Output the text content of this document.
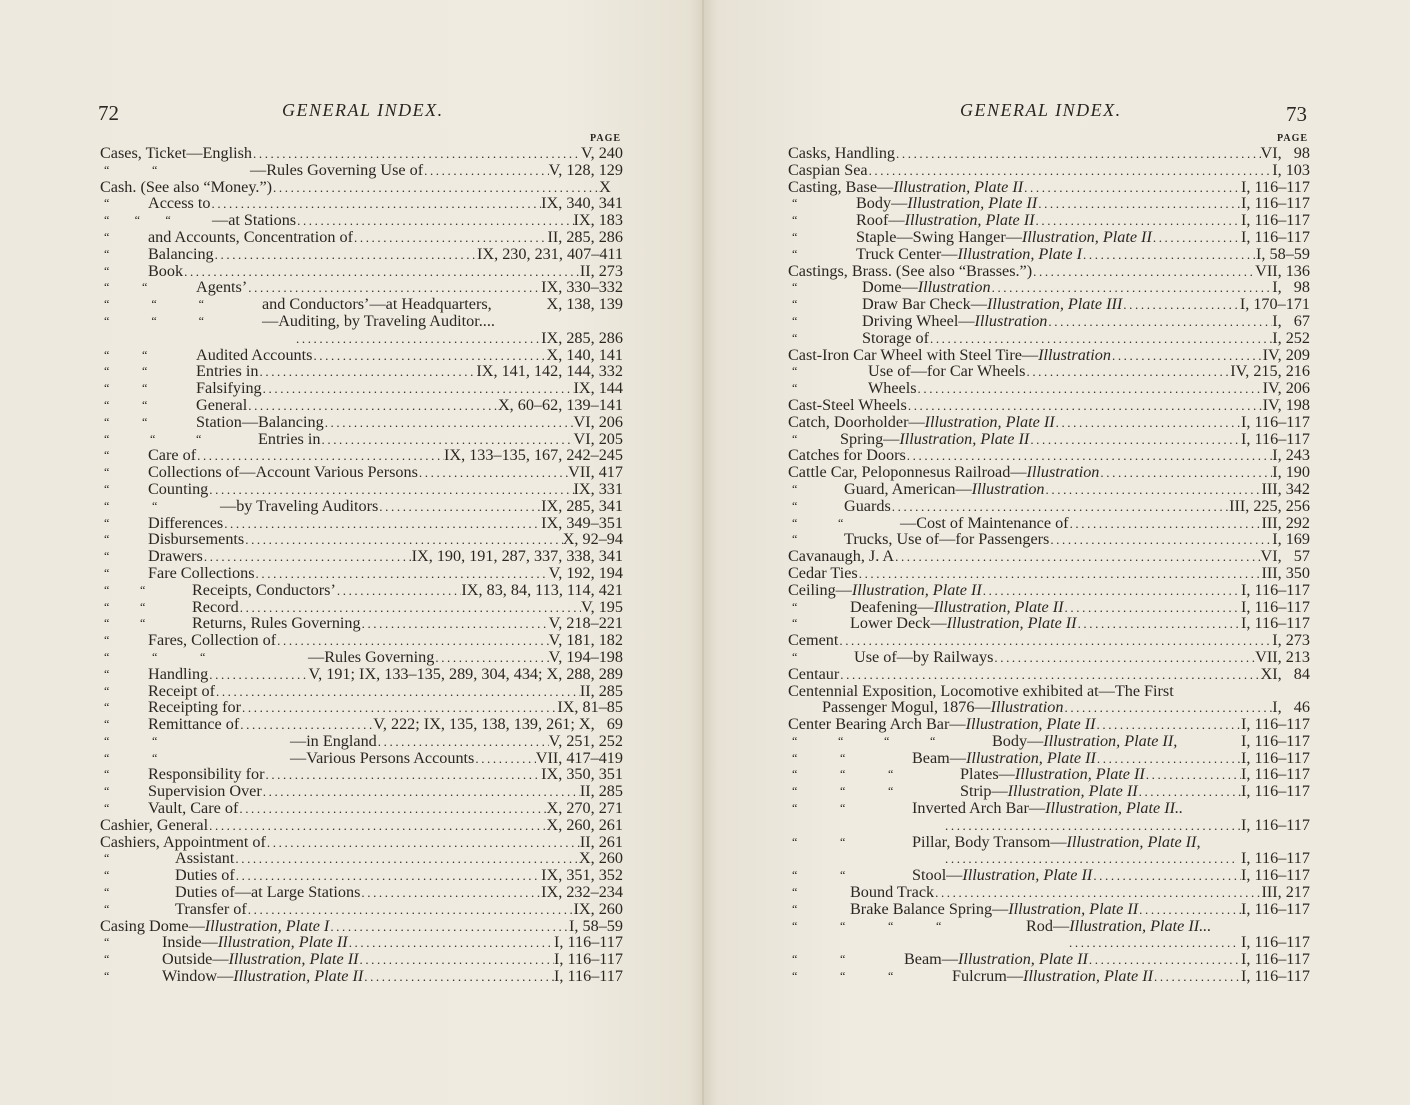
72	GENERAL INDEX.
PAGE
Cases, Ticket—English .....	V, 240
“	“	—Rules Governing Use of .....	V, 128, 129
Cash. (See also “Money.”) .....	X
“	Access to .....	IX, 340, 341
“ “ “	—at Stations .....	IX, 183
“	and Accounts, Concentration of .....	II, 285, 286
“	Balancing .....	IX, 230, 231, 407–411
“	Book .....	II, 273
“	“	Agents’ .....	IX, 330–332
“	“	“	and Conductors’—at Headquarters,	X, 138, 139
“	“	“	—Auditing, by Traveling Auditor....
.....
IX, 285, 286
“	“	Audited Accounts .....	X, 140, 141
“	“	Entries in .....	IX, 141, 142, 144, 332
“	“	Falsifying .....	IX, 144
“	“	General .....	X, 60–62, 139–141
“	“	Station—Balancing .....	VI, 206
“	“	“	Entries in .....	VI, 205
“	Care of .....	IX, 133–135, 167, 242–245
“	Collections of—Account Various Persons .....	VII, 417
“	Counting .....	IX, 331
“	“	—by Traveling Auditors .....	IX, 285, 341
“	Differences .....	IX, 349–351
“	Disbursements .....	X, 92–94
“	Drawers .....	IX, 190, 191, 287, 337, 338, 341
“	Fare Collections .....	V, 192, 194
“	“	Receipts, Conductors’ .....	IX, 83, 84, 113, 114, 421
“	“	Record .....	V, 195
“	“	Returns, Rules Governing .....	V, 218–221
“	Fares, Collection of .....	V, 181, 182
“	“	“	—Rules Governing .....	V, 194–198
“	Handling .....	V, 191; IX, 133–135, 289, 304, 434; X, 288, 289
“	Receipt of .....	II, 285
“	Receipting for .....	IX, 81–85
“	Remittance of .....	V, 222; IX, 135, 138, 139, 261; X,   69
“	“	—in England .....	V, 251, 252
“	“	—Various Persons Accounts .....	VII, 417–419
“	Responsibility for .....	IX, 350, 351
“	Supervision Over .....	II, 285
“	Vault, Care of .....	X, 270, 271
Cashier, General .....	X, 260, 261
Cashiers, Appointment of .....	II, 261
“	Assistant .....	X, 260
“	Duties of .....	IX, 351, 352
“	Duties of—at Large Stations .....	IX, 232–234
“	Transfer of .....	IX, 260
Casing Dome—Illustration, Plate I .....	I, 58–59
“	Inside—Illustration, Plate II .....	I, 116–117
“	Outside—Illustration, Plate II .....	I, 116–117
“	Window—Illustration, Plate II .....	I, 116–117
GENERAL INDEX.	73
PAGE
Casks, Handling .....	VI,   98
Caspian Sea .....	I, 103
Casting, Base—Illustration, Plate II .....	I, 116–117
“	Body—Illustration, Plate II .....	I, 116–117
“	Roof—Illustration, Plate II .....	I, 116–117
“	Staple—Swing Hanger—Illustration, Plate II .....	I, 116–117
“	Truck Center—Illustration, Plate I .....	I, 58–59
Castings, Brass. (See also “Brasses.”) .....	VII, 136
“	Dome—Illustration .....	I,   98
“	Draw Bar Check—Illustration, Plate III .....	I, 170–171
“	Driving Wheel—Illustration .....	I,   67
“	Storage of .....	I, 252
Cast-Iron Car Wheel with Steel Tire—Illustration .....	IV, 209
“	Use of—for Car Wheels .....	IV, 215, 216
“	Wheels .....	IV, 206
Cast-Steel Wheels .....	IV, 198
Catch, Doorholder—Illustration, Plate II .....	I, 116–117
“	Spring—Illustration, Plate II .....	I, 116–117
Catches for Doors .....	I, 243
Cattle Car, Peloponnesus Railroad—Illustration .....	I, 190
“	Guard, American—Illustration .....	III, 342
“	Guards .....	III, 225, 256
“	“	—Cost of Maintenance of .....	III, 292
“	Trucks, Use of—for Passengers .....	I, 169
Cavanaugh, J. A .....	VI,   57
Cedar Ties .....	III, 350
Ceiling—Illustration, Plate II .....	I, 116–117
“	Deafening—Illustration, Plate II .....	I, 116–117
“	Lower Deck—Illustration, Plate II .....	I, 116–117
Cement .....	I, 273
“	Use of—by Railways .....	VII, 213
Centaur .....	XI,   84
Centennial Exposition, Locomotive exhibited at—The First
Passenger Mogul, 1876—Illustration .....	I,   46
Center Bearing Arch Bar—Illustration, Plate II .....	I, 116–117
“	“	“	“	Body—Illustration, Plate II,	I, 116–117
“	“	Beam—Illustration, Plate II .....	I, 116–117
“	“	“	Plates—Illustration, Plate II .....	I, 116–117
“	“	“	Strip—Illustration, Plate II .....	I, 116–117
“	“	Inverted Arch Bar—Illustration, Plate II..
.....
I, 116–117
“	“	Pillar, Body Transom—Illustration, Plate II,
.....
I, 116–117
“	“	Stool—Illustration, Plate II .....	I, 116–117
“	Bound Track .....	III, 217
“	Brake Balance Spring—Illustration, Plate II .....	I, 116–117
“	“	“	“	Rod—Illustration, Plate II...
.....
I, 116–117
“	“	Beam—Illustration, Plate II .....	I, 116–117
“	“	“	Fulcrum—Illustration, Plate II .....	I, 116–117
